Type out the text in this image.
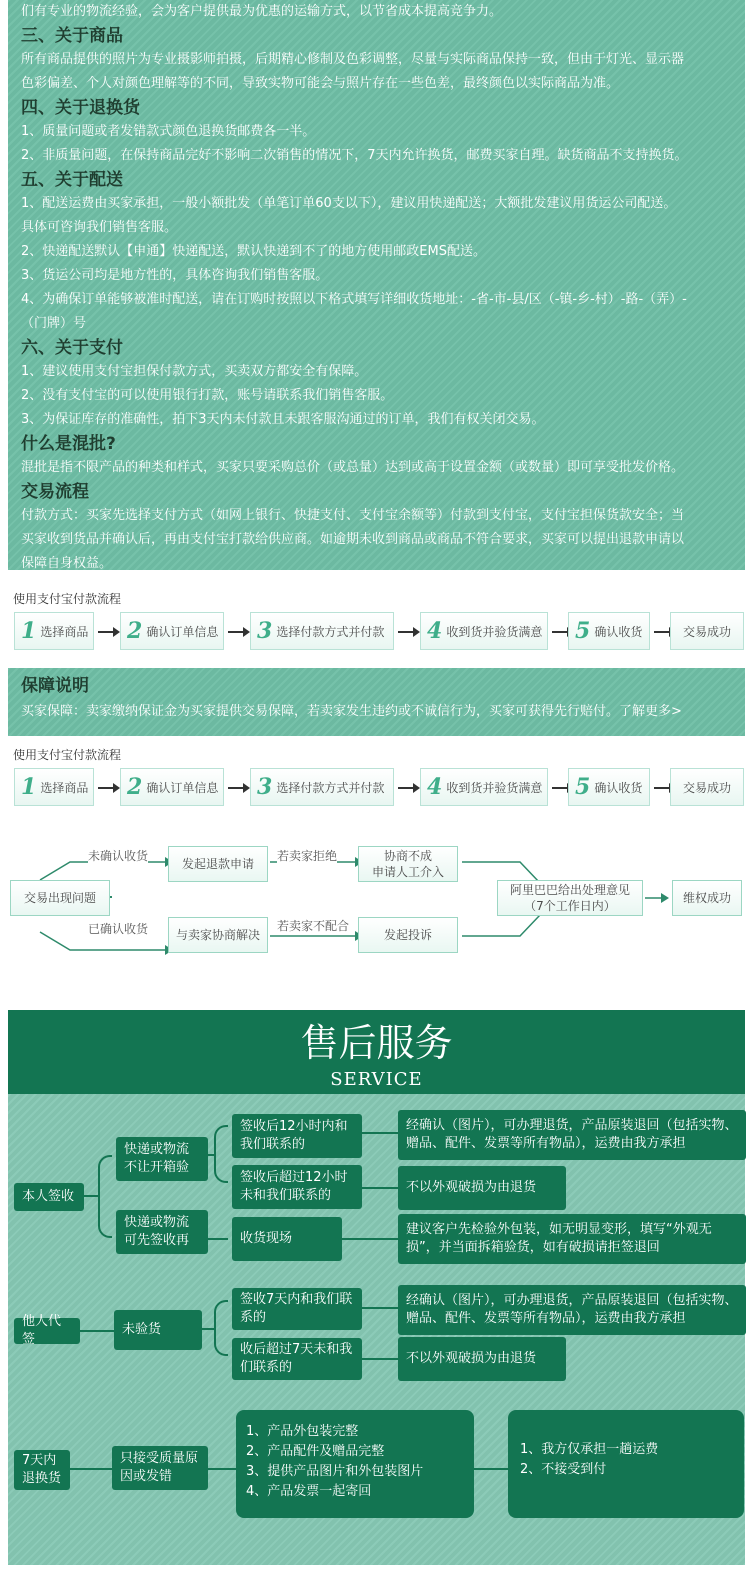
们有专业的物流经验，会为客户提供最为优惠的运输方式，以节省成本提高竞争力。
三、关于商品
所有商品提供的照片为专业摄影师拍摄，后期精心修制及色彩调整，尽量与实际商品保持一致，但由于灯光、显示器
色彩偏差、个人对颜色理解等的不同，导致实物可能会与照片存在一些色差，最终颜色以实际商品为准。
四、关于退换货
1、质量问题或者发错款式颜色退换货邮费各一半。
2、非质量问题，在保持商品完好不影响二次销售的情况下，7天内允许换货，邮费买家自理。缺货商品不支持换货。
五、关于配送
1、配送运费由买家承担，一般小额批发（单笔订单60支以下），建议用快递配送；大额批发建议用货运公司配送。
具体可咨询我们销售客服。
2、快递配送默认【申通】快递配送，默认快递到不了的地方使用邮政EMS配送。
3、货运公司均是地方性的，具体咨询我们销售客服。
4、为确保订单能够被准时配送，请在订购时按照以下格式填写详细收货地址：-省-市-县/区（-镇-乡-村）-路-（弄）-
（门牌）号
六、关于支付
1、建议使用支付宝担保付款方式，买卖双方都安全有保障。
2、没有支付宝的可以使用银行打款，账号请联系我们销售客服。
3、为保证库存的准确性，拍下3天内未付款且未跟客服沟通过的订单，我们有权关闭交易。
什么是混批?
混批是指不限产品的种类和样式，买家只要采购总价（或总量）达到或高于设置金额（或数量）即可享受批发价格。
交易流程
付款方式：买家先选择支付方式（如网上银行、快捷支付、支付宝余额等）付款到支付宝，支付宝担保货款安全；当
买家收到货品并确认后，再由支付宝打款给供应商。如逾期未收到商品或商品不符合要求，买家可以提出退款申请以
保障自身权益。
使用支付宝付款流程
1 选择商品 2 确认订单信息 3 选择付款方式并付款 4 收到货并验货满意 5 确认收货	交易成功
保障说明
买家保障：卖家缴纳保证金为买家提供交易保障，若卖家发生违约或不诚信行为，买家可获得先行赔付。了解更多>
使用支付宝付款流程
1 选择商品 2 确认订单信息 3 选择付款方式并付款 4 收到货并验货满意 5 确认收货	交易成功
交易出现问题
未确认收货
已确认收货
发起退款申请
与卖家协商解决
若卖家拒绝
若卖家不配合
协商不成
申请人工介入
发起投诉
阿里巴巴给出处理意见
（7个工作日内）
维权成功
售后服务
SERVICE
本人签收
快递或物流不让开箱验
快递或物流可先签收再
签收后12小时内和我们联系的
签收后超过12小时未和我们联系的
收货现场
经确认（图片），可办理退货，产品原装退回（包括实物、赠品、配件、发票等所有物品），运费由我方承担
不以外观破损为由退货
建议客户先检验外包装，如无明显变形，填写“外观无损”，并当面拆箱验货，如有破损请拒签退回
他人代签
未验货
签收7天内和我们联系的
收后超过7天未和我们联系的
经确认（图片），可办理退货，产品原装退回（包括实物、赠品、配件、发票等所有物品），运费由我方承担
不以外观破损为由退货
7天内退换货
只接受质量原因或发错
1、产品外包装完整
2、产品配件及赠品完整
3、提供产品图片和外包装图片
4、产品发票一起寄回
1、我方仅承担一趟运费
2、不接受到付
